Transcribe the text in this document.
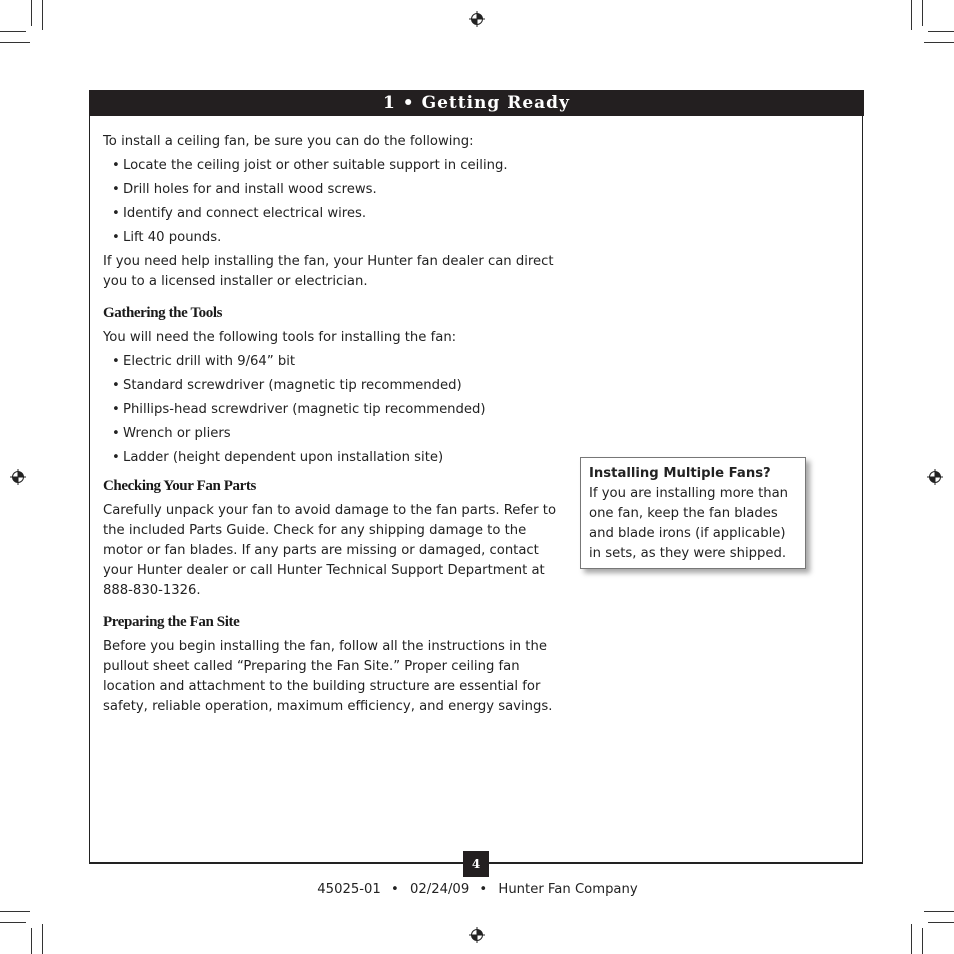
1 • Getting Ready

To install a ceiling fan, be sure you can do the following:

• Locate the ceiling joist or other suitable support in ceiling.
• Drill holes for and install wood screws.
• Identify and connect electrical wires.
• Lift 40 pounds.

If you need help installing the fan, your Hunter fan dealer can direct you to a licensed installer or electrician.

Gathering the Tools

You will need the following tools for installing the fan:

• Electric drill with 9/64” bit
• Standard screwdriver (magnetic tip recommended)
• Phillips-head screwdriver (magnetic tip recommended)
• Wrench or pliers
• Ladder (height dependent upon installation site)
Checking Your Fan Parts

Carefully unpack your fan to avoid damage to the fan parts. Refer to the included Parts Guide. Check for any shipping damage to the motor or fan blades. If any parts are missing or damaged, contact your Hunter dealer or call Hunter Technical Support Department at 888-830-1326.

Preparing the Fan Site

Before you begin installing the fan, follow all the instructions in the pullout sheet called “Preparing the Fan Site.” Proper ceiling fan location and attachment to the building structure are essential for safety, reliable operation, maximum efficiency, and energy savings.

Installing Multiple Fans?
If you are installing more than one fan, keep the fan blades and blade irons (if applicable) in sets, as they were shipped.
4
45025-01 • 02/24/09 • Hunter Fan Company
